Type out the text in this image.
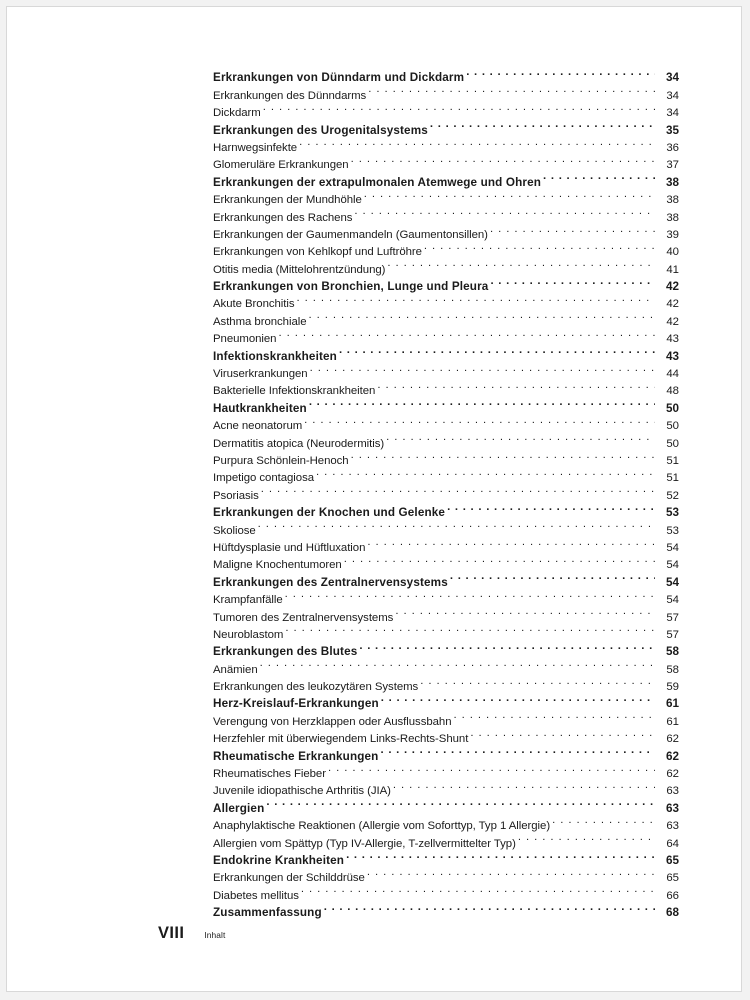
Erkrankungen von Dünndarm und Dickdarm . . .	34
Erkrankungen des Dünndarms . . .	34
Dickdarm . . .	34
Erkrankungen des Urogenitalsystems . . .	35
Harnwegsinfekte . . .	36
Glomeruläre Erkrankungen . . .	37
Erkrankungen der extrapulmonalen Atemwege und Ohren . . .	38
Erkrankungen der Mundhöhle . . .	38
Erkrankungen des Rachens . . .	38
Erkrankungen der Gaumenmandeln (Gaumentonsillen) . . .	39
Erkrankungen von Kehlkopf und Luftröhre . . .	40
Otitis media (Mittelohrentzündung) . . .	41
Erkrankungen von Bronchien, Lunge und Pleura . . .	42
Akute Bronchitis . . .	42
Asthma bronchiale . . .	42
Pneumonien . . .	43
Infektionskrankheiten . . .	43
Viruserkrankungen . . .	44
Bakterielle Infektionskrankheiten . . .	48
Hautkrankheiten . . .	50
Acne neonatorum . . .	50
Dermatitis atopica (Neurodermitis) . . .	50
Purpura Schönlein-Henoch . . .	51
Impetigo contagiosa . . .	51
Psoriasis . . .	52
Erkrankungen der Knochen und Gelenke . . .	53
Skoliose . . .	53
Hüftdysplasie und Hüftluxation . . .	54
Maligne Knochentumoren . . .	54
Erkrankungen des Zentralnervensystems . . .	54
Krampfanfälle . . .	54
Tumoren des Zentralnervensystems . . .	57
Neuroblastom . . .	57
Erkrankungen des Blutes . . .	58
Anämien . . .	58
Erkrankungen des leukozytären Systems . . .	59
Herz-Kreislauf-Erkrankungen . . .	61
Verengung von Herzklappen oder Ausflussbahn . . .	61
Herzfehler mit überwiegendem Links-Rechts-Shunt . . .	62
Rheumatische Erkrankungen . . .	62
Rheumatisches Fieber . . .	62
Juvenile idiopathische Arthritis (JIA) . . .	63
Allergien . . .	63
Anaphylaktische Reaktionen (Allergie vom Soforttyp, Typ 1 Allergie) . . .	63
Allergien vom Spättyp (Typ IV-Allergie, T-zellvermittelter Typ) . . .	64
Endokrine Krankheiten . . .	65
Erkrankungen der Schilddrüse . . .	65
Diabetes mellitus . . .	66
Zusammenfassung . . .	68
VIII Inhalt
